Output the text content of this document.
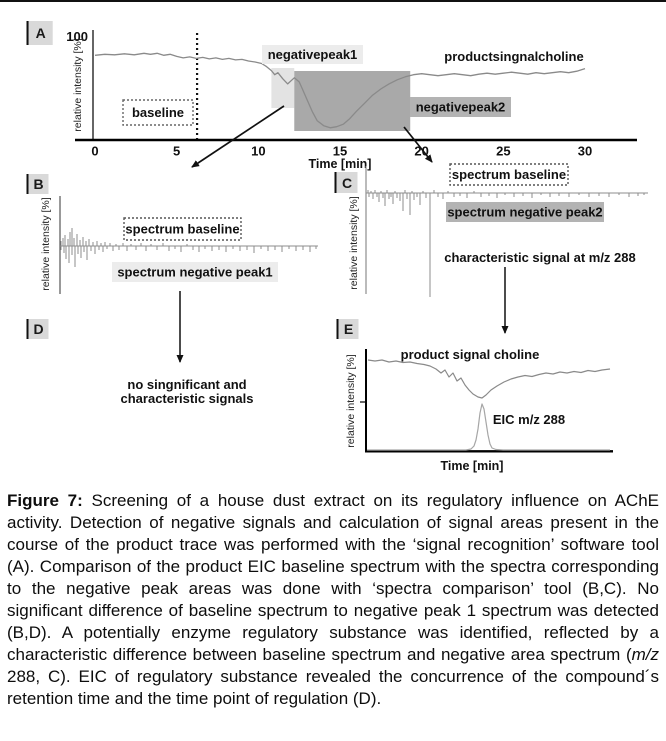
A 100
relative intensity [%]
0	5	10	15	20	25	30
Time [min]
baseline
negativepeak1
negativepeak2
productsingnalcholine
B
relative intensity [%]	spectrum baseline
spectrum negative peak1
C
relative intensity [%]
spectrum baseline
spectrum negative peak2
characteristic signal at m/z 288
D
no singnificant and
characteristic signals
E
relative intensity [%]	product signal choline
EIC m/z 288
Time [min]
Figure 7: Screening of a house dust extract on its regulatory influence on AChE activity. Detection of negative signals and calculation of signal areas present in the course of the product trace was performed with the ‘signal recognition’ software tool (A). Comparison of the product EIC baseline spectrum with the spectra corresponding to the negative peak areas was done with ‘spectra comparison’ tool (B,C). No significant difference of baseline spectrum to negative peak 1 spectrum was detected (B,D). A potentially enzyme regulatory substance was identified, reflected by a characteristic difference between baseline spectrum and negative area spectrum (m/z 288, C). EIC of regulatory substance revealed the concurrence of the compound´s retention time and the time point of regulation (D).
